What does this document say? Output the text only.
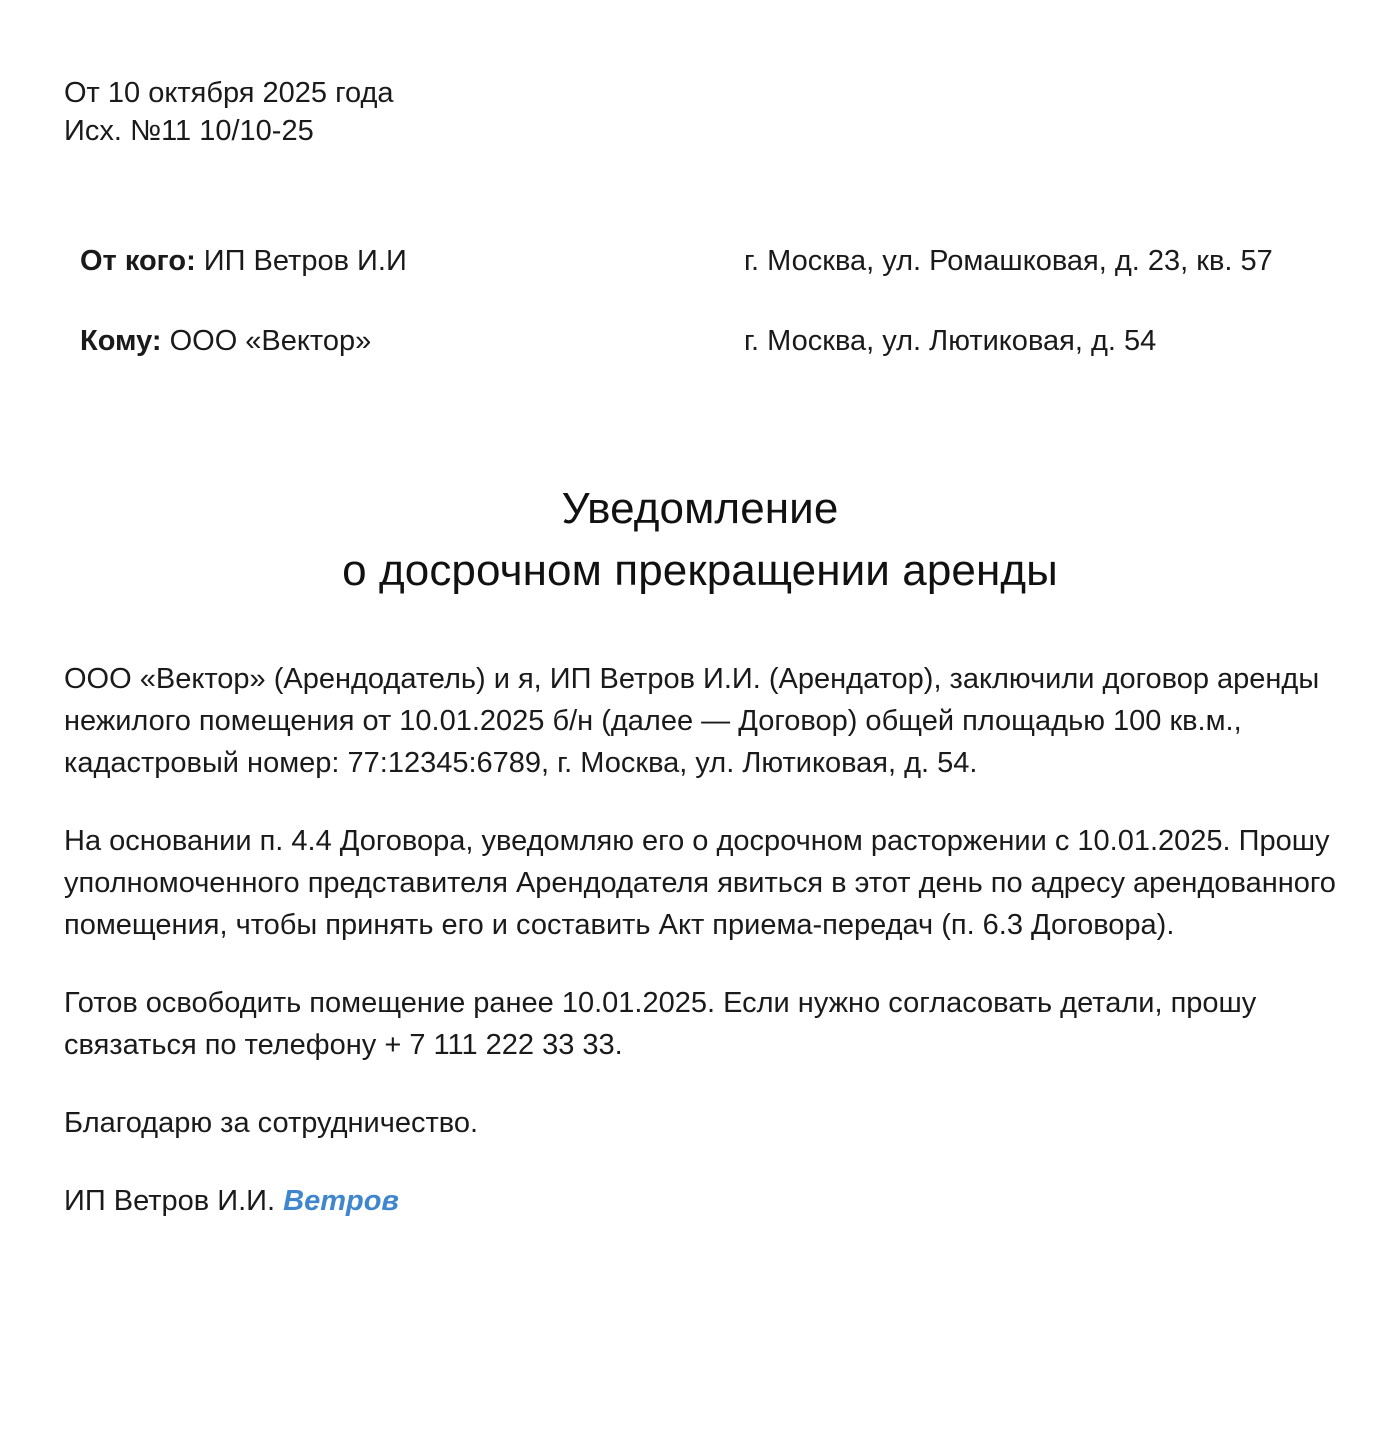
От 10 октября 2025 года
Исх. №11 10/10-25
От кого: ИП Ветров И.И	г. Москва, ул. Ромашковая, д. 23, кв. 57
Кому: ООО «Вектор»	г. Москва, ул. Лютиковая, д. 54
Уведомление
о досрочном прекращении аренды

ООО «Вектор» (Арендодатель) и я, ИП Ветров И.И. (Арендатор), заключили договор аренды нежилого помещения от 10.01.2025 б/н (далее — Договор) общей площадью 100 кв.м., кадастровый номер: 77:12345:6789, г. Москва, ул. Лютиковая, д. 54.

На основании п. 4.4 Договора, уведомляю его о досрочном расторжении с 10.01.2025. Прошу уполномоченного представителя Арендодателя явиться в этот день по адресу арендованного помещения, чтобы принять его и составить Акт приема-передач (п. 6.3 Договора).

Готов освободить помещение ранее 10.01.2025. Если нужно согласовать детали, прошу связаться по телефону + 7 111 222 33 33.

Благодарю за сотрудничество.

ИП Ветров И.И. Ветров
